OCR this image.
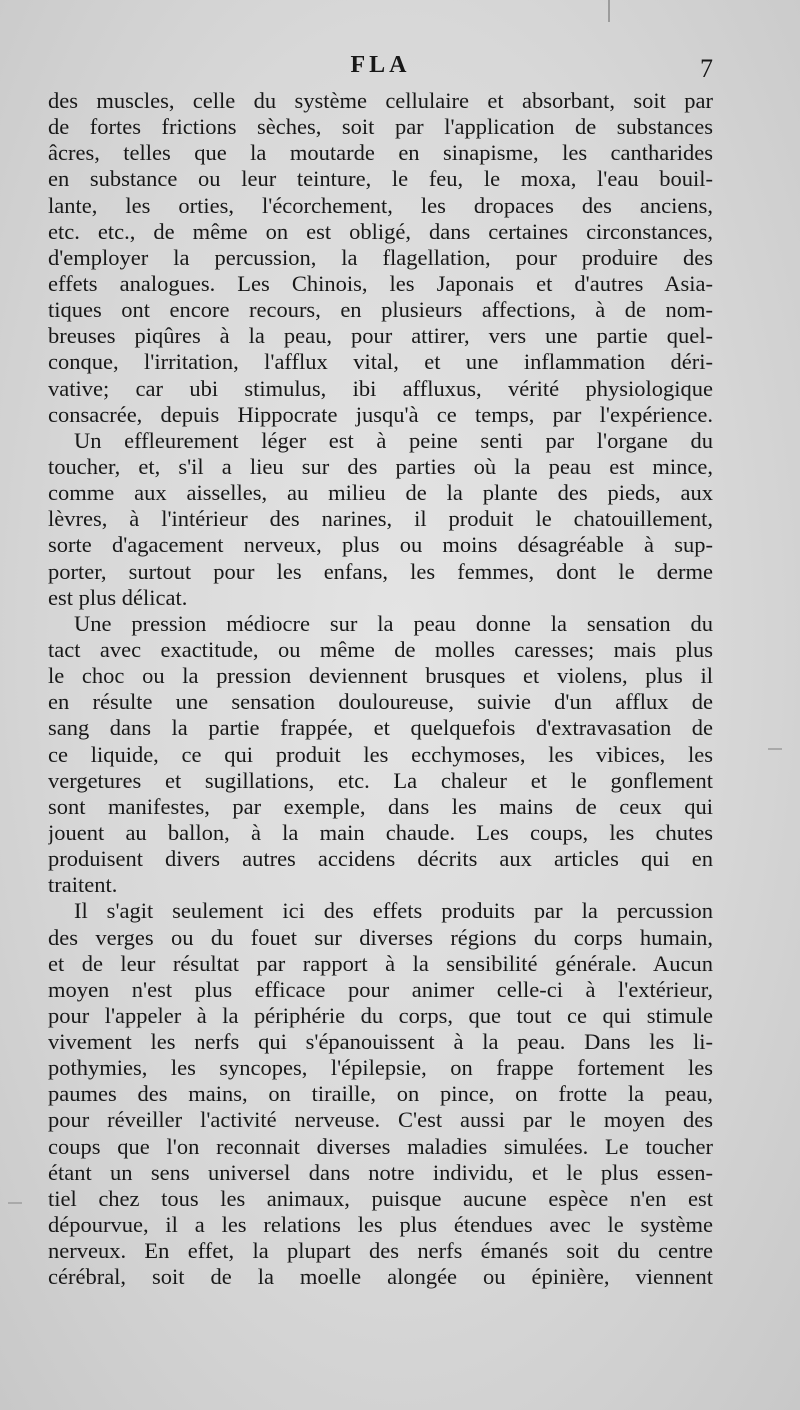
FLA	7
des muscles, celle du système cellulaire et absorbant, soit par
de fortes frictions sèches, soit par l'application de substances
âcres, telles que la moutarde en sinapisme, les cantharides
en substance ou leur teinture, le feu, le moxa, l'eau bouil-
lante, les orties, l'écorchement, les dropaces des anciens,
etc. etc., de même on est obligé, dans certaines circonstances,
d'employer la percussion, la flagellation, pour produire des
effets analogues. Les Chinois, les Japonais et d'autres Asia-
tiques ont encore recours, en plusieurs affections, à de nom-
breuses piqûres à la peau, pour attirer, vers une partie quel-
conque, l'irritation, l'afflux vital, et une inflammation déri-
vative; car ubi stimulus, ibi affluxus, vérité physiologique
consacrée, depuis Hippocrate jusqu'à ce temps, par l'expérience.
Un effleurement léger est à peine senti par l'organe du
toucher, et, s'il a lieu sur des parties où la peau est mince,
comme aux aisselles, au milieu de la plante des pieds, aux
lèvres, à l'intérieur des narines, il produit le chatouillement,
sorte d'agacement nerveux, plus ou moins désagréable à sup-
porter, surtout pour les enfans, les femmes, dont le derme
est plus délicat.
Une pression médiocre sur la peau donne la sensation du
tact avec exactitude, ou même de molles caresses; mais plus
le choc ou la pression deviennent brusques et violens, plus il
en résulte une sensation douloureuse, suivie d'un afflux de
sang dans la partie frappée, et quelquefois d'extravasation de
ce liquide, ce qui produit les ecchymoses, les vibices, les
vergetures et sugillations, etc. La chaleur et le gonflement
sont manifestes, par exemple, dans les mains de ceux qui
jouent au ballon, à la main chaude. Les coups, les chutes
produisent divers autres accidens décrits aux articles qui en
traitent.
Il s'agit seulement ici des effets produits par la percussion
des verges ou du fouet sur diverses régions du corps humain,
et de leur résultat par rapport à la sensibilité générale. Aucun
moyen n'est plus efficace pour animer celle-ci à l'extérieur,
pour l'appeler à la périphérie du corps, que tout ce qui stimule
vivement les nerfs qui s'épanouissent à la peau. Dans les li-
pothymies, les syncopes, l'épilepsie, on frappe fortement les
paumes des mains, on tiraille, on pince, on frotte la peau,
pour réveiller l'activité nerveuse. C'est aussi par le moyen des
coups que l'on reconnait diverses maladies simulées. Le toucher
étant un sens universel dans notre individu, et le plus essen-
tiel chez tous les animaux, puisque aucune espèce n'en est
dépourvue, il a les relations les plus étendues avec le système
nerveux. En effet, la plupart des nerfs émanés soit du centre
cérébral, soit de la moelle alongée ou épinière, viennent
